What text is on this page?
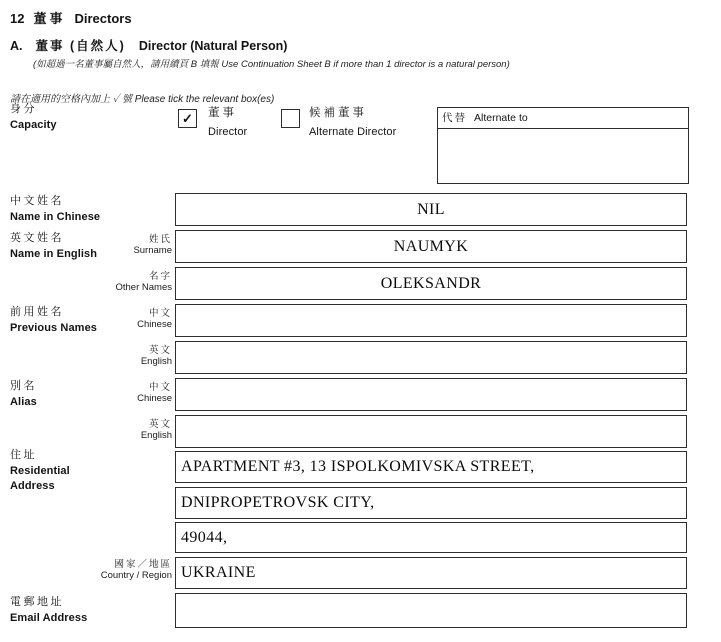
12 董事 Directors
A. 董事 (自然人) Director (Natural Person)
(如超過一名董事屬自然人，請用續頁 B 填報 Use Continuation Sheet B if more than 1 director is a natural person)
請在適用的空格內加上 ✓ 號 Please tick the relevant box(es)
身分
Capacity	✓ 董事
Director
候補董事
Alternate Director
代替 Alternate to
中文姓名
Name in Chinese	NIL
英文姓名
Name in English
姓氏
Surname	NAUMYK
名字
Other Names	OLEKSANDR
前用姓名
Previous Names
中文
Chinese
英文
English
別名
Alias
中文
Chinese
英文
English
住址
Residential
Address
APARTMENT #3, 13 ISPOLKOMIVSKA STREET,
DNIPROPETROVSK CITY,
49044,
國家／地區
Country / Region UKRAINE
電郵地址
Email Address
